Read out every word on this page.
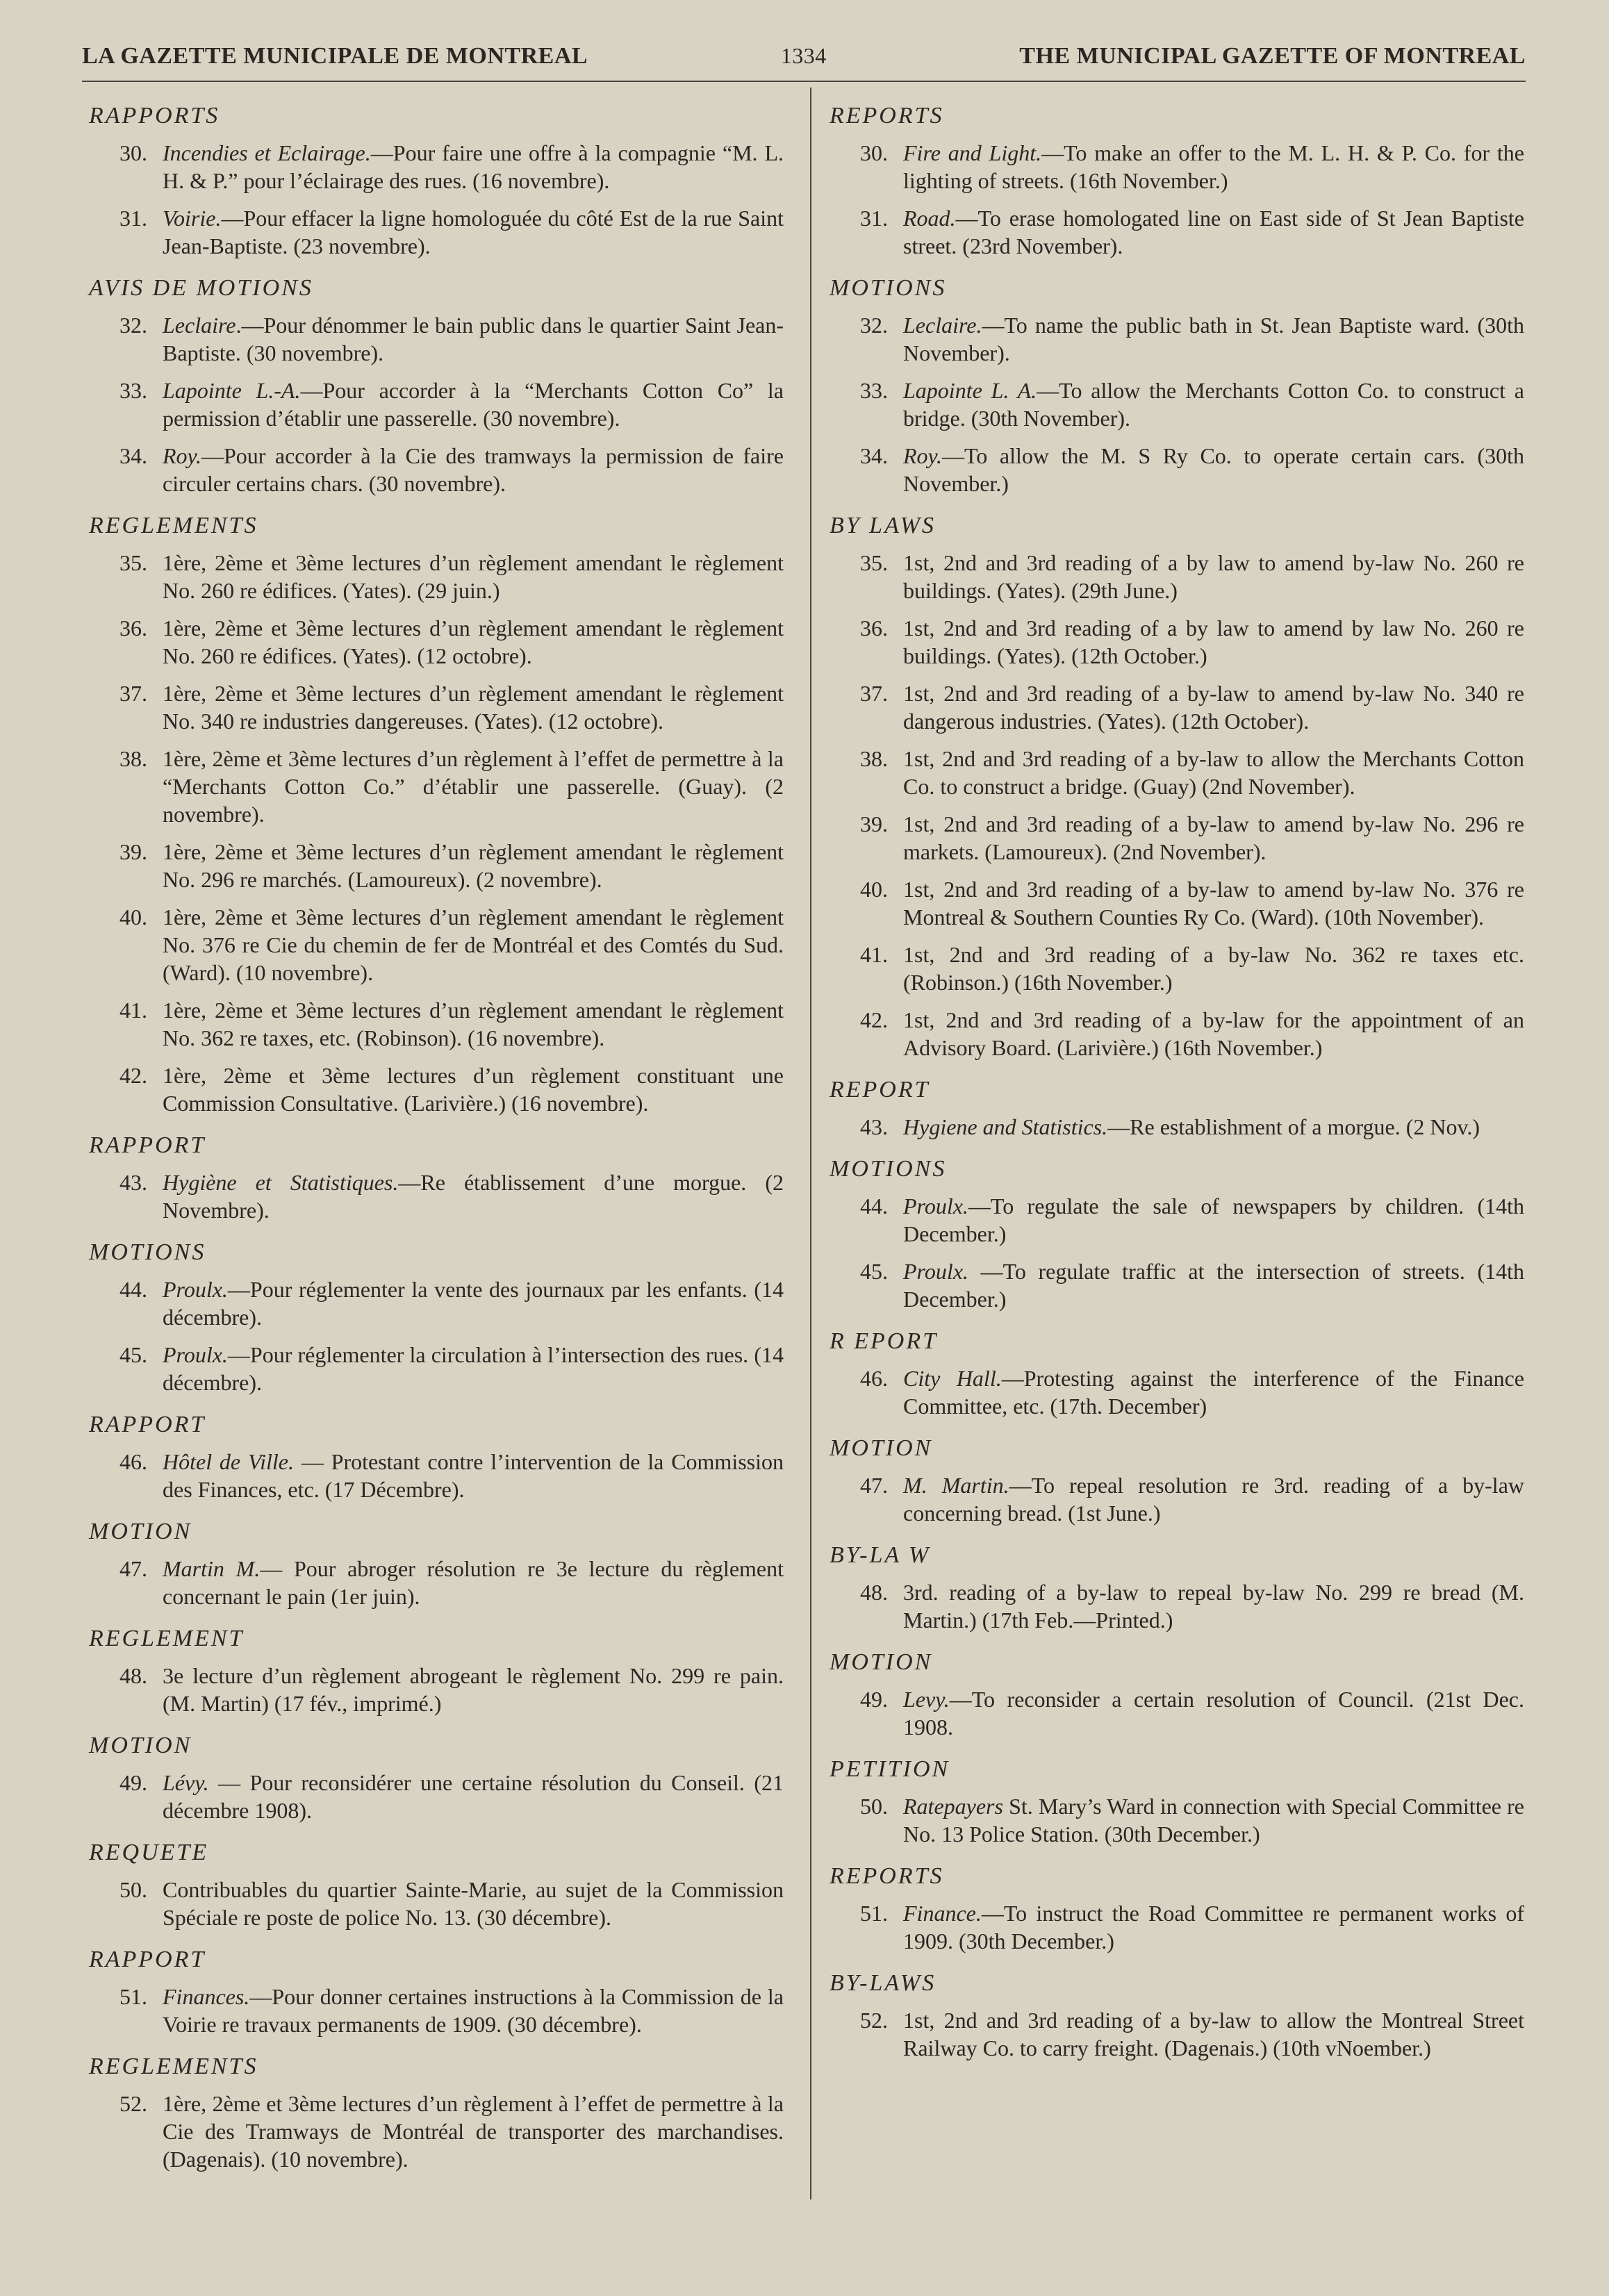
LA GAZETTE MUNICIPALE DE MONTREAL	1334	THE MUNICIPAL GAZETTE OF MONTREAL
RAPPORTS
30. Incendies et Eclairage.—Pour faire une offre à la compagnie “M. L. H. & P.” pour l’éclairage des rues. (16 novembre).
31. Voirie.—Pour effacer la ligne homologuée du côté Est de la rue Saint Jean-Baptiste. (23 novembre).
AVIS DE MOTIONS
32. Leclaire.—Pour dénommer le bain public dans le quartier Saint Jean-Baptiste. (30 novembre).
33. Lapointe L.-A.—Pour accorder à la “Merchants Cotton Co” la permission d’établir une passerelle. (30 novembre).
34. Roy.—Pour accorder à la Cie des tramways la permission de faire circuler certains chars. (30 novembre).
REGLEMENTS
35. 1ère, 2ème et 3ème lectures d’un règlement amendant le règlement No. 260 re édifices. (Yates). (29 juin.)
36. 1ère, 2ème et 3ème lectures d’un règlement amendant le règlement No. 260 re édifices. (Yates). (12 octobre).
37. 1ère, 2ème et 3ème lectures d’un règlement amendant le règlement No. 340 re industries dangereuses. (Yates). (12 octobre).
38. 1ère, 2ème et 3ème lectures d’un règlement à l’effet de permettre à la “Merchants Cotton Co.” d’établir une passerelle. (Guay). (2 novembre).
39. 1ère, 2ème et 3ème lectures d’un règlement amendant le règlement No. 296 re marchés. (Lamoureux). (2 novembre).
40. 1ère, 2ème et 3ème lectures d’un règlement amendant le règlement No. 376 re Cie du chemin de fer de Montréal et des Comtés du Sud. (Ward). (10 novembre).
41. 1ère, 2ème et 3ème lectures d’un règlement amendant le règlement No. 362 re taxes, etc. (Robinson). (16 novembre).
42. 1ère, 2ème et 3ème lectures d’un règlement constituant une Commission Consultative. (Larivière.) (16 novembre).
RAPPORT
43. Hygiène et Statistiques.—Re établissement d’une morgue. (2 Novembre).
MOTIONS
44. Proulx.—Pour réglementer la vente des journaux par les enfants. (14 décembre).
45. Proulx.—Pour réglementer la circulation à l’intersection des rues. (14 décembre).
RAPPORT
46. Hôtel de Ville. — Protestant contre l’intervention de la Commission des Finances, etc. (17 Décembre).
MOTION
47. Martin M.— Pour abroger résolution re 3e lecture du règlement concernant le pain (1er juin).
REGLEMENT
48. 3e lecture d’un règlement abrogeant le règlement No. 299 re pain. (M. Martin) (17 fév., imprimé.)
MOTION
49. Lévy. — Pour reconsidérer une certaine résolution du Conseil. (21 décembre 1908).
REQUETE
50. Contribuables du quartier Sainte-Marie, au sujet de la Commission Spéciale re poste de police No. 13. (30 décembre).
RAPPORT
51. Finances.—Pour donner certaines instructions à la Commission de la Voirie re travaux permanents de 1909. (30 décembre).
REGLEMENTS
52. 1ère, 2ème et 3ème lectures d’un règlement à l’effet de permettre à la Cie des Tramways de Montréal de transporter des marchandises. (Dagenais). (10 novembre).
REPORTS
30. Fire and Light.—To make an offer to the M. L. H. & P. Co. for the lighting of streets. (16th November.)
31. Road.—To erase homologated line on East side of St Jean Baptiste street. (23rd November).
MOTIONS
32. Leclaire.—To name the public bath in St. Jean Baptiste ward. (30th November).
33. Lapointe L. A.—To allow the Merchants Cotton Co. to construct a bridge. (30th November).
34. Roy.—To allow the M. S Ry Co. to operate certain cars. (30th November.)
BY LAWS
35. 1st, 2nd and 3rd reading of a by law to amend by-law No. 260 re buildings. (Yates). (29th June.)
36. 1st, 2nd and 3rd reading of a by law to amend by law No. 260 re buildings. (Yates). (12th October.)
37. 1st, 2nd and 3rd reading of a by-law to amend by-law No. 340 re dangerous industries. (Yates). (12th October).
38. 1st, 2nd and 3rd reading of a by-law to allow the Merchants Cotton Co. to construct a bridge. (Guay) (2nd November).
39. 1st, 2nd and 3rd reading of a by-law to amend by-law No. 296 re markets. (Lamoureux). (2nd November).
40. 1st, 2nd and 3rd reading of a by-law to amend by-law No. 376 re Montreal & Southern Counties Ry Co. (Ward). (10th November).
41. 1st, 2nd and 3rd reading of a by-law No. 362 re taxes etc. (Robinson.) (16th November.)
42. 1st, 2nd and 3rd reading of a by-law for the appointment of an Advisory Board. (Larivière.) (16th November.)
REPORT
43. Hygiene and Statistics.—Re establishment of a morgue. (2 Nov.)
MOTIONS
44. Proulx.—To regulate the sale of newspapers by children. (14th December.)
45. Proulx. —To regulate traffic at the intersection of streets. (14th December.)
R EPORT
46. City Hall.—Protesting against the interference of the Finance Committee, etc. (17th. December)
MOTION
47. M. Martin.—To repeal resolution re 3rd. reading of a by-law concerning bread. (1st June.)
BY-LA W
48. 3rd. reading of a by-law to repeal by-law No. 299 re bread (M. Martin.) (17th Feb.—Printed.)
MOTION
49. Levy.—To reconsider a certain resolution of Council. (21st Dec. 1908.
PETITION
50. Ratepayers St. Mary’s Ward in connection with Special Committee re No. 13 Police Station. (30th December.)
REPORTS
51. Finance.—To instruct the Road Committee re permanent works of 1909. (30th December.)
BY-LAWS
52. 1st, 2nd and 3rd reading of a by-law to allow the Montreal Street Railway Co. to carry freight. (Dagenais.) (10th vNoember.)
